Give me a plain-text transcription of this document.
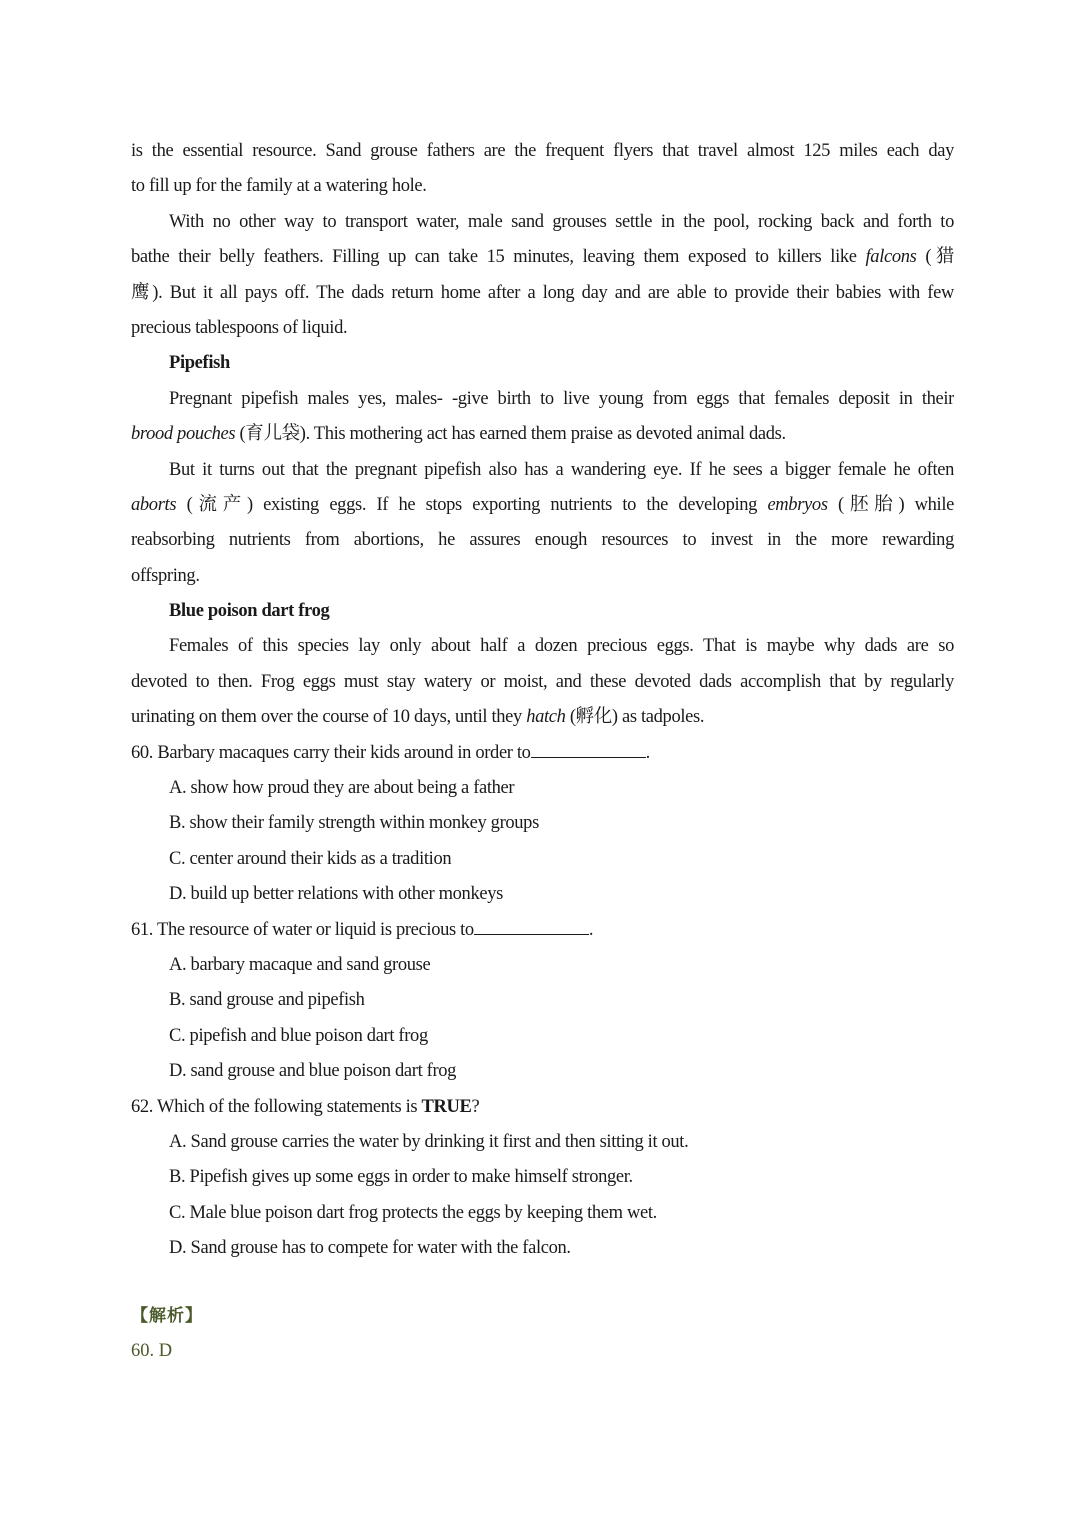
is the essential resource. Sand grouse fathers are the frequent flyers that travel almost 125 miles each day
to fill up for the family at a watering hole.
With no other way to transport water, male sand grouses settle in the pool, rocking back and forth to
bathe their belly feathers. Filling up can take 15 minutes, leaving them exposed to killers like falcons (猎
鹰). But it all pays off. The dads return home after a long day and are able to provide their babies with few
precious tablespoons of liquid.
Pipefish
Pregnant pipefish males yes, males- -give birth to live young from eggs that females deposit in their
brood pouches (育儿袋). This mothering act has earned them praise as devoted animal dads.
But it turns out that the pregnant pipefish also has a wandering eye. If he sees a bigger female he often
aborts (流产) existing eggs. If he stops exporting nutrients to the developing embryos (胚胎) while
reabsorbing nutrients from abortions, he assures enough resources to invest in the more rewarding
offspring.
Blue poison dart frog
Females of this species lay only about half a dozen precious eggs. That is maybe why dads are so
devoted to then. Frog eggs must stay watery or moist, and these devoted dads accomplish that by regularly
urinating on them over the course of 10 days, until they hatch (孵化) as tadpoles.
60. Barbary macaques carry their kids around in order to	.
A. show how proud they are about being a father
B. show their family strength within monkey groups
C. center around their kids as a tradition
D. build up better relations with other monkeys
61. The resource of water or liquid is precious to	.
A. barbary macaque and sand grouse
B. sand grouse and pipefish
C. pipefish and blue poison dart frog
D. sand grouse and blue poison dart frog
62. Which of the following statements is TRUE?
A. Sand grouse carries the water by drinking it first and then sitting it out.
B. Pipefish gives up some eggs in order to make himself stronger.
C. Male blue poison dart frog protects the eggs by keeping them wet.
D. Sand grouse has to compete for water with the falcon.
【解析】
60. D
